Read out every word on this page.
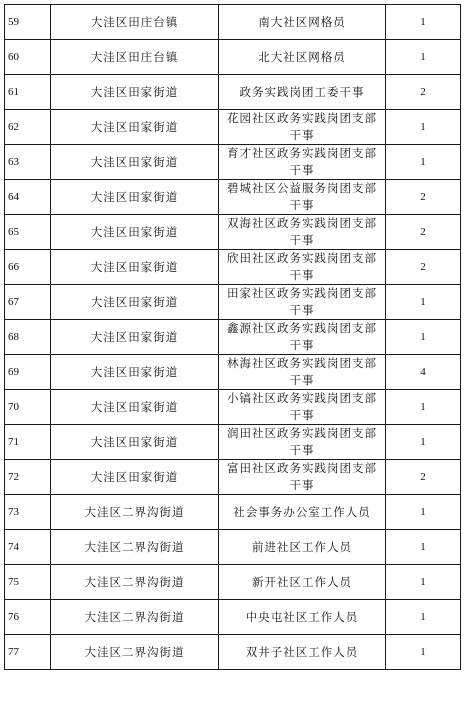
59	大洼区田庄台镇	南大社区网格员	1
60	大洼区田庄台镇	北大社区网格员	1
61	大洼区田家街道	政务实践岗团工委干事	2
62	大洼区田家街道	花园社区政务实践岗团支部干事	1
63	大洼区田家街道	育才社区政务实践岗团支部干事	1
64	大洼区田家街道	碧城社区公益服务岗团支部干事	2
65	大洼区田家街道	双海社区政务实践岗团支部干事	2
66	大洼区田家街道	欣田社区政务实践岗团支部干事	2
67	大洼区田家街道	田家社区政务实践岗团支部干事	1
68	大洼区田家街道	鑫源社区政务实践岗团支部干事	1
69	大洼区田家街道	林海社区政务实践岗团支部干事	4
70	大洼区田家街道	小镐社区政务实践岗团支部干事	1
71	大洼区田家街道	润田社区政务实践岗团支部干事	1
72	大洼区田家街道	富田社区政务实践岗团支部干事	2
73	大洼区二界沟街道	社会事务办公室工作人员	1
74	大洼区二界沟街道	前进社区工作人员	1
75	大洼区二界沟街道	新开社区工作人员	1
76	大洼区二界沟街道	中央屯社区工作人员	1
77	大洼区二界沟街道	双井子社区工作人员	1
